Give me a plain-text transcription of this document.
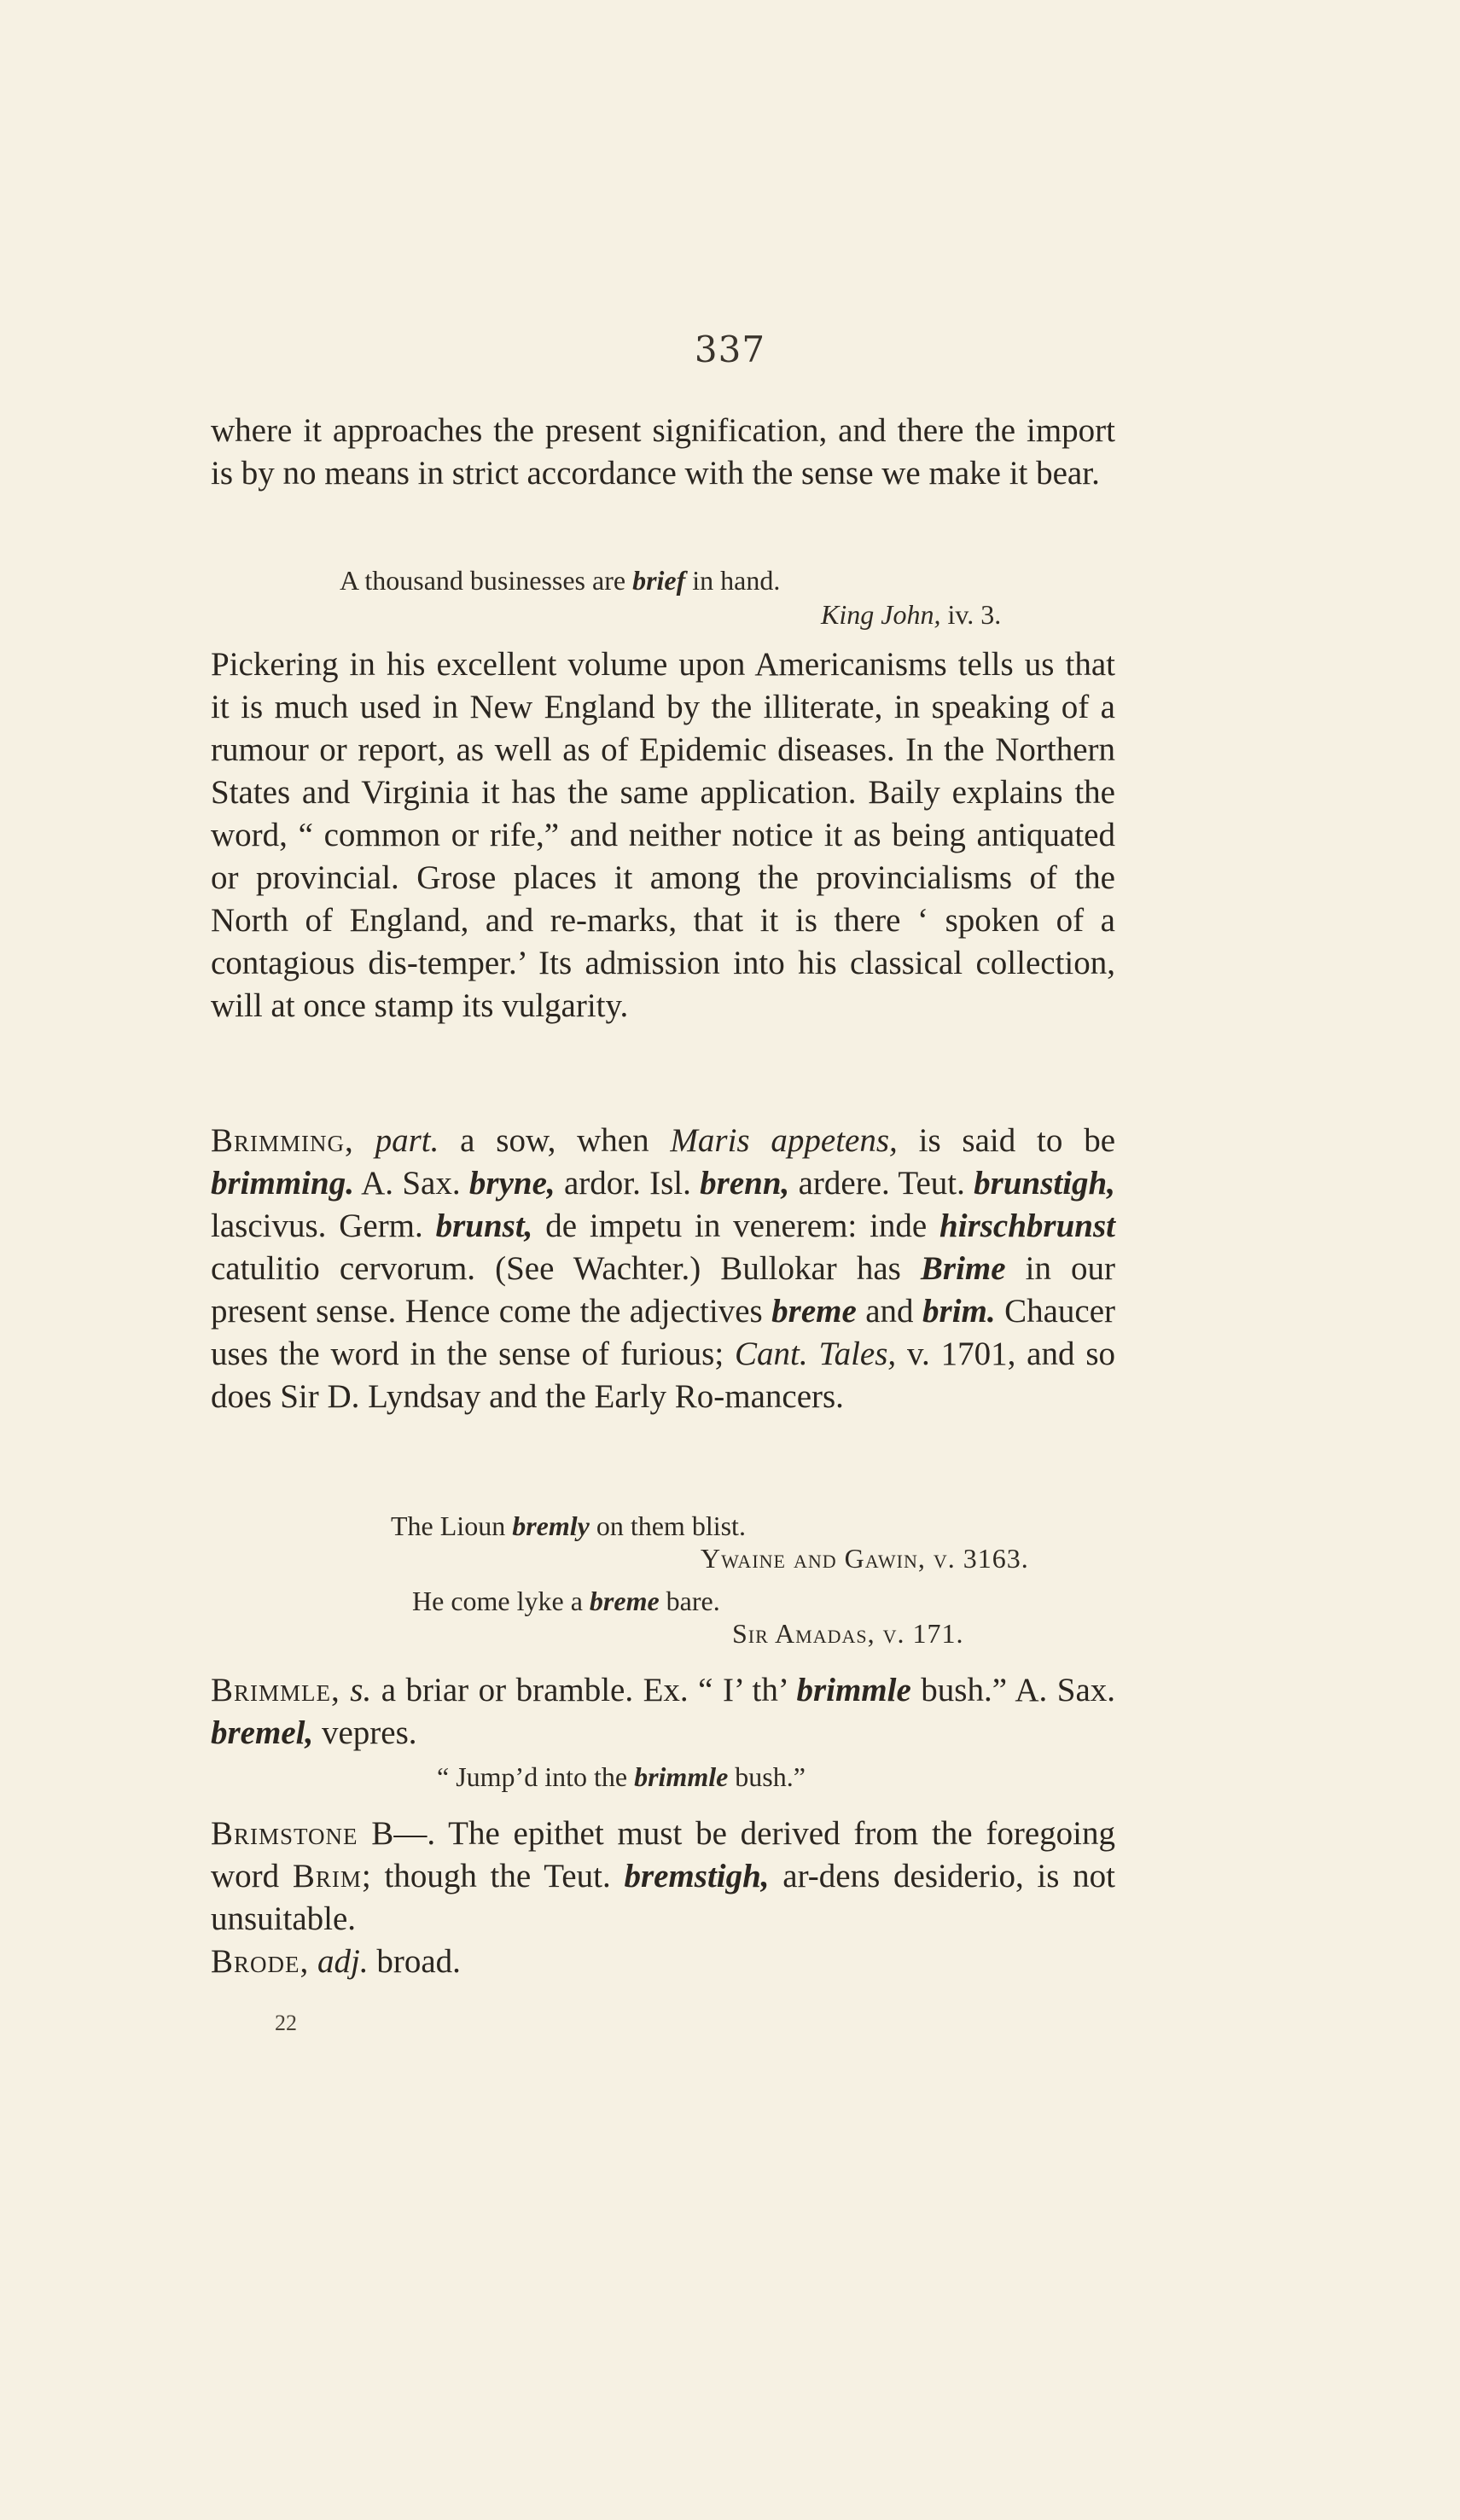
337
where it approaches the present signification, and there the import is by no means in strict accordance with the sense we make it bear.
A thousand businesses are brief in hand.
King John, iv. 3.
Pickering in his excellent volume upon Americanisms tells us that it is much used in New England by the illiterate, in speaking of a rumour or report, as well as of Epidemic diseases. In the Northern States and Virginia it has the same application. Baily explains the word, “ common or rife,” and neither notice it as being antiquated or provincial. Grose places it among the provincialisms of the North of England, and re-marks, that it is there ‘ spoken of a contagious dis-temper.’ Its admission into his classical collection, will at once stamp its vulgarity.
Brimming, part. a sow, when Maris appetens, is said to be brimming. A. Sax. bryne, ardor. Isl. brenn, ardere. Teut. brunstigh, lascivus. Germ. brunst, de impetu in venerem: inde hirschbrunst catulitio cervorum. (See Wachter.) Bullokar has Brime in our present sense. Hence come the adjectives breme and brim. Chaucer uses the word in the sense of furious; Cant. Tales, v. 1701, and so does Sir D. Lyndsay and the Early Ro-mancers.
The Lioun bremly on them blist.
Ywaine and Gawin, v. 3163.
He come lyke a breme bare.
Sir Amadas, v. 171.
Brimmle, s. a briar or bramble. Ex. “ I’ th’ brimmle bush.” A. Sax. bremel, vepres.
“ Jump’d into the brimmle bush.”
Brimstone B—. The epithet must be derived from the foregoing word Brim; though the Teut. bremstigh, ar-dens desiderio, is not unsuitable.
Brode, adj. broad.
22
